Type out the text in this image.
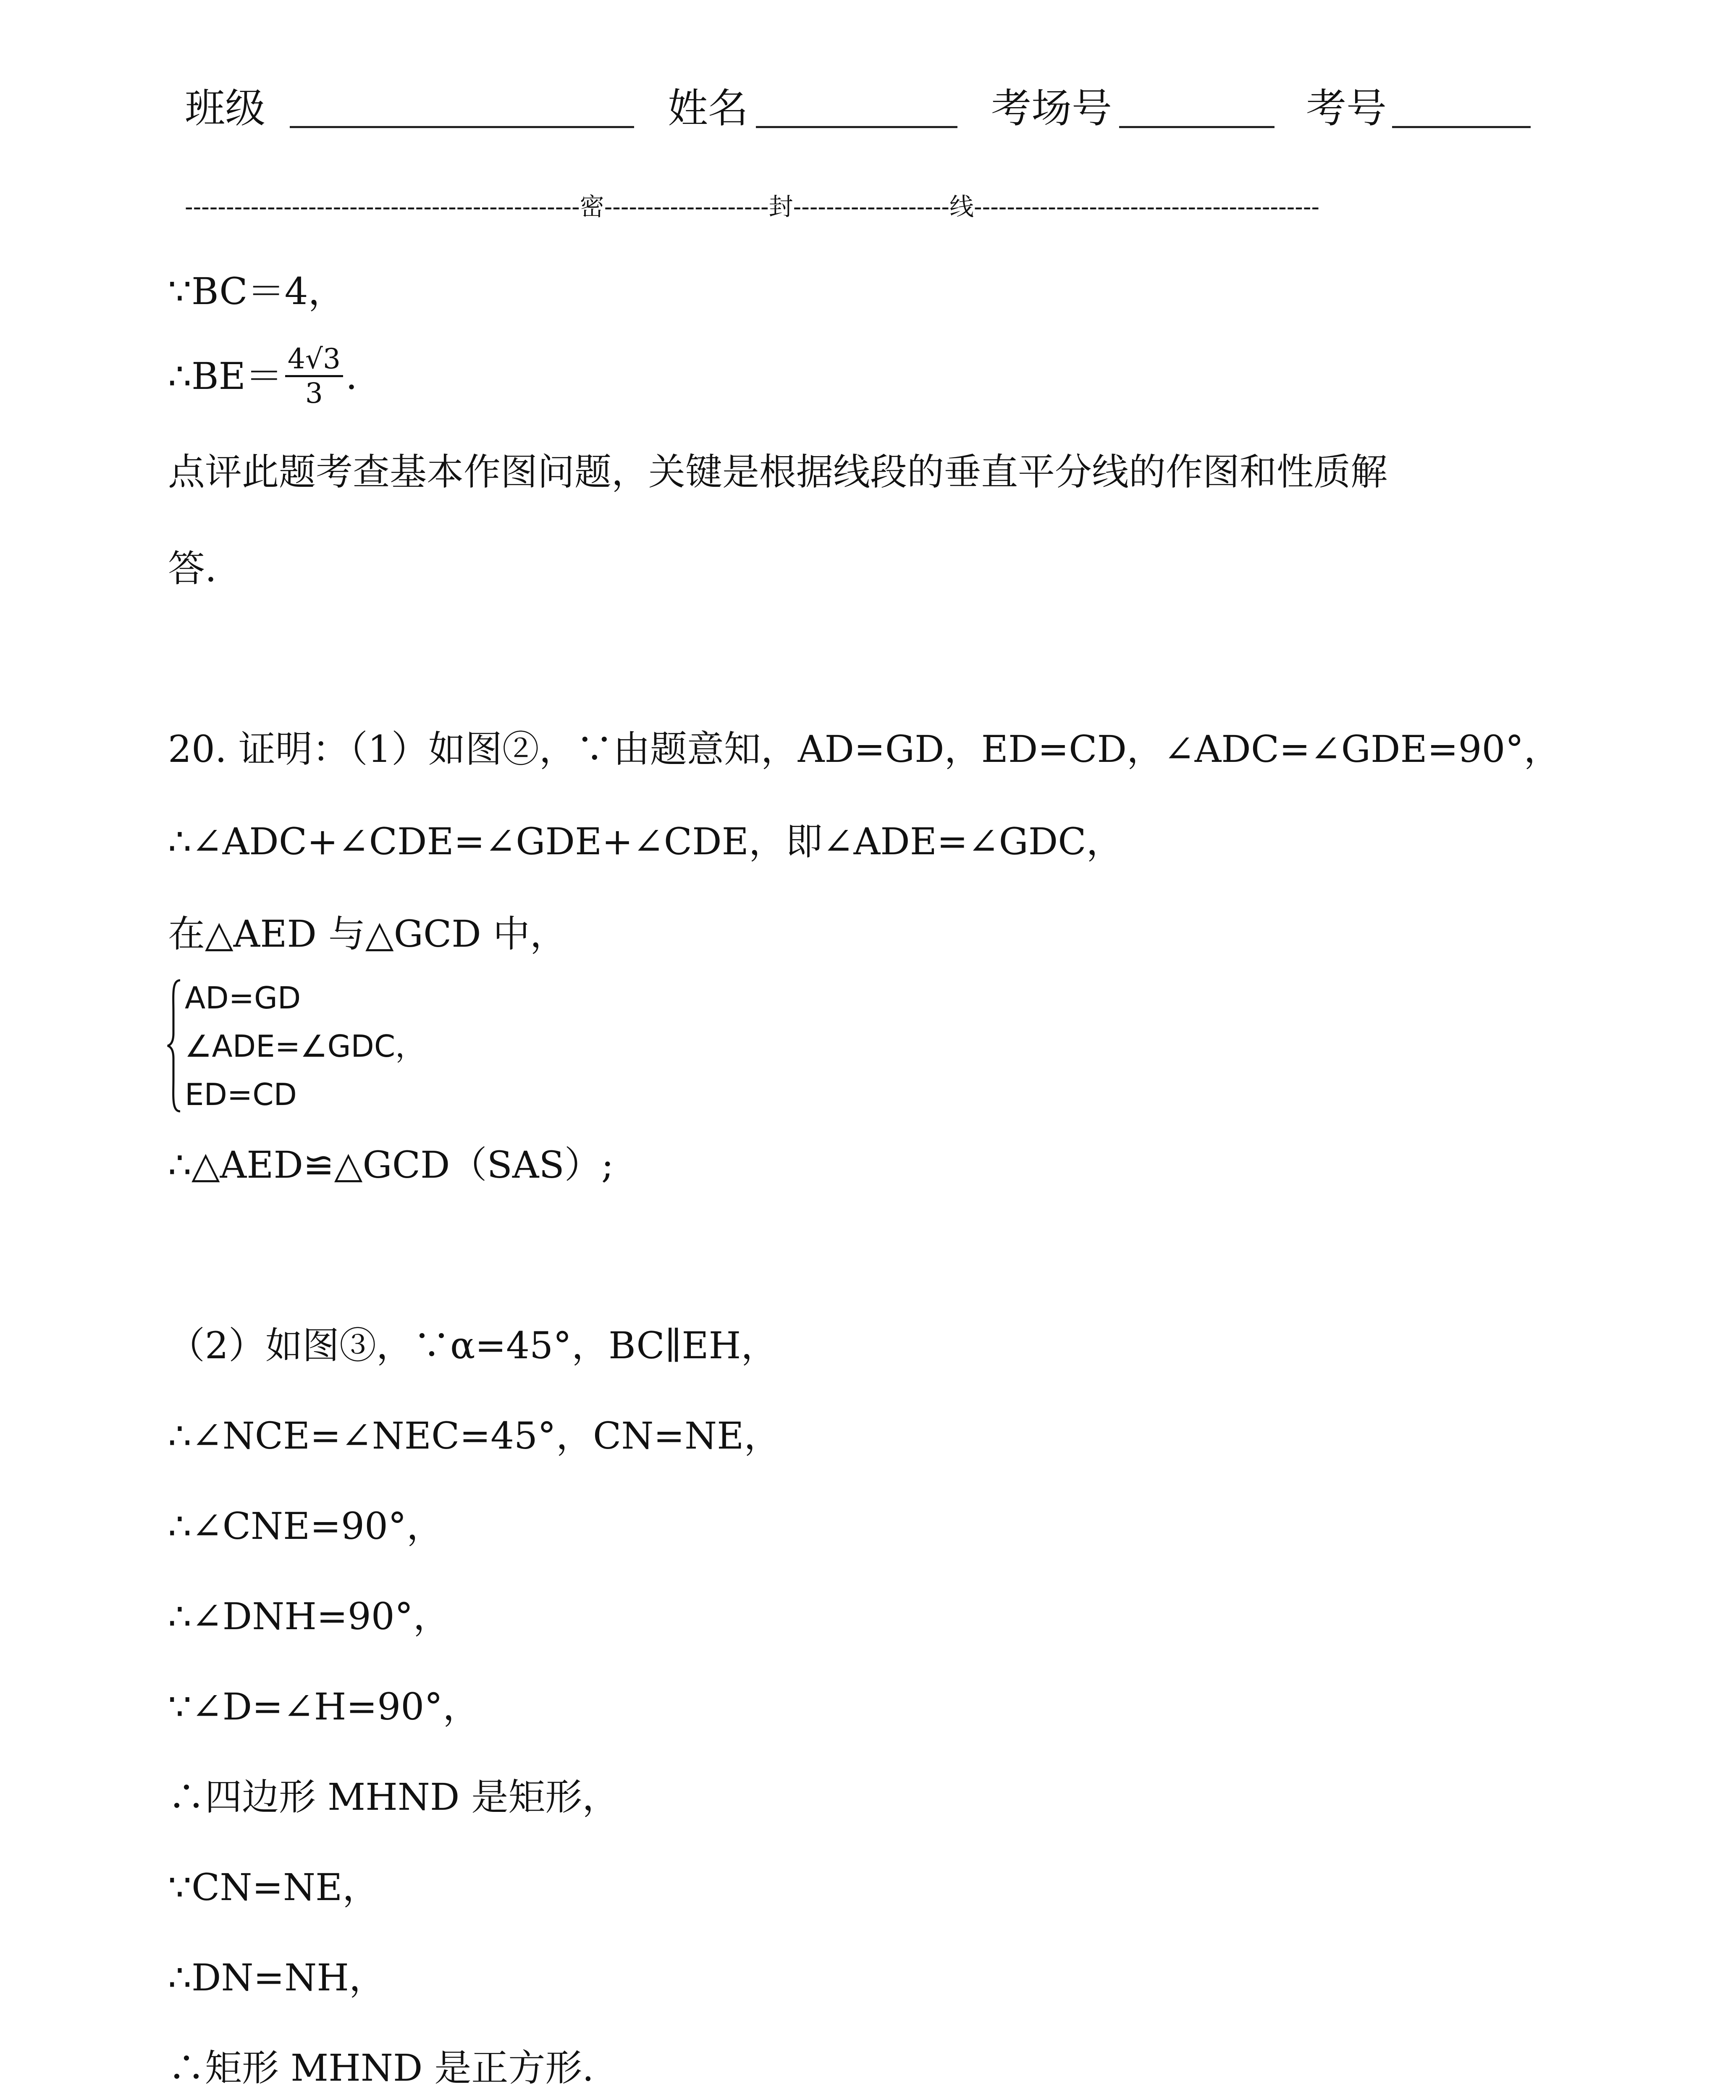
班级	姓名	考场号	考号
------------------------------------------------密--------------------封-------------------线------------------------------------------
∵BC＝4，
∴BE＝ $\frac{4√3}{3}$ .
点评此题考查基本作图问题，关键是根据线段的垂直平分线的作图和性质解
答.
20. 证明：（1）如图②，∵由题意知，AD=GD，ED=CD，∠ADC=∠GDE=90°，
∴∠ADC+∠CDE=∠GDE+∠CDE，即∠ADE=∠GDC，
在△AED 与△GCD 中，
AD=GD
∠ADE=∠GDC，
ED=CD
∴△AED≌△GCD（SAS）;
（2）如图③，∵α=45°，BC∥EH，
∴∠NCE=∠NEC=45°，CN=NE，
∴∠CNE=90°，
∴∠DNH=90°，
∵∠D=∠H=90°，
∴四边形 MHND 是矩形，
∵CN=NE，
∴DN=NH，
∴矩形 MHND 是正方形.
